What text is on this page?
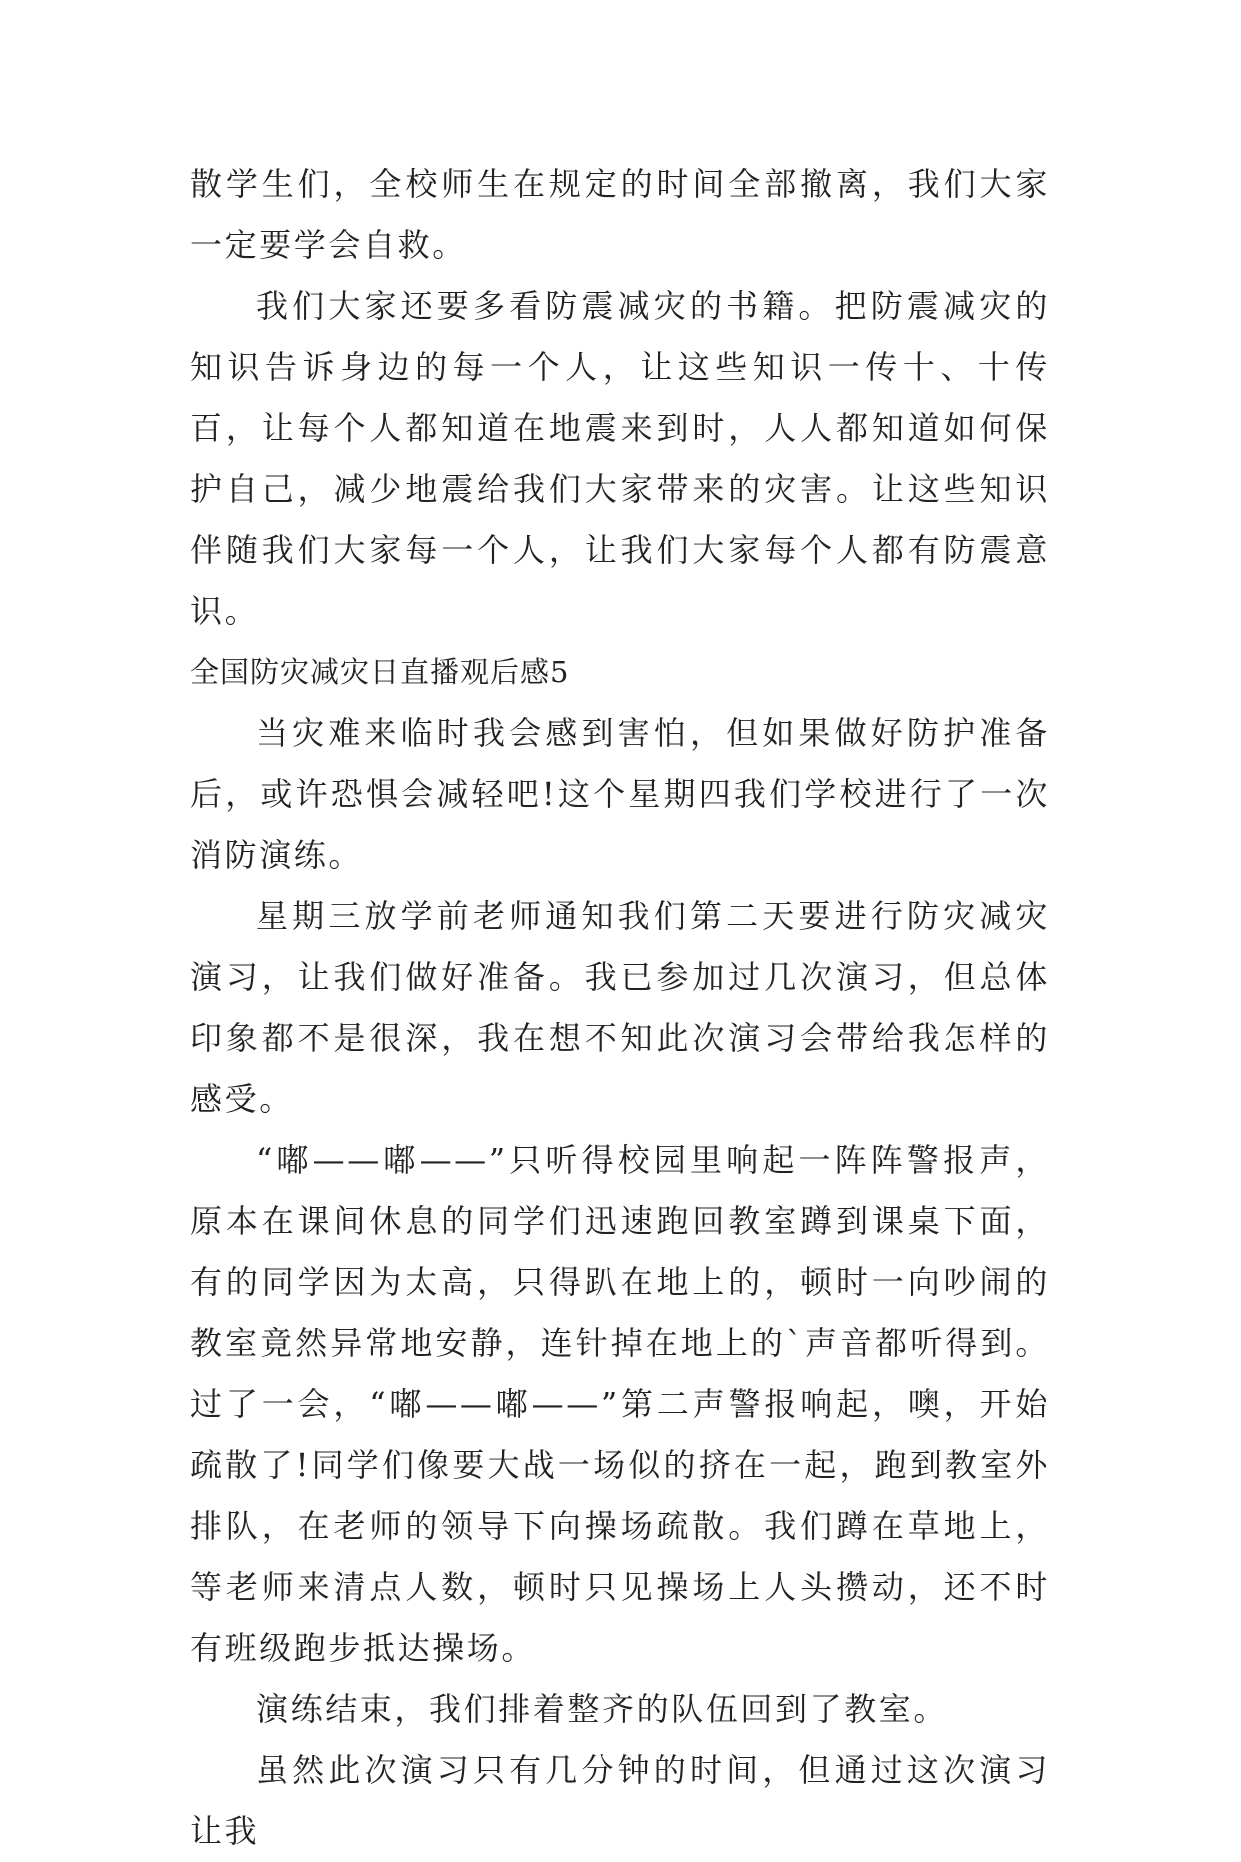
散学生们，全校师生在规定的时间全部撤离，我们大家一定要学会自救。

我们大家还要多看防震减灾的书籍。把防震减灾的知识告诉身边的每一个人，让这些知识一传十、十传百，让每个人都知道在地震来到时，人人都知道如何保护自己，减少地震给我们大家带来的灾害。让这些知识伴随我们大家每一个人，让我们大家每个人都有防震意识。

全国防灾减灾日直播观后感5

当灾难来临时我会感到害怕，但如果做好防护准备后，或许恐惧会减轻吧!这个星期四我们学校进行了一次消防演练。

星期三放学前老师通知我们第二天要进行防灾减灾演习，让我们做好准备。我已参加过几次演习，但总体印象都不是很深，我在想不知此次演习会带给我怎样的感受。

“嘟——嘟——”只听得校园里响起一阵阵警报声，原本在课间休息的同学们迅速跑回教室蹲到课桌下面，有的同学因为太高，只得趴在地上的，顿时一向吵闹的教室竟然异常地安静，连针掉在地上的`声音都听得到。过了一会，“嘟——嘟——”第二声警报响起，噢，开始疏散了!同学们像要大战一场似的挤在一起，跑到教室外排队，在老师的领导下向操场疏散。我们蹲在草地上，等老师来清点人数，顿时只见操场上人头攒动，还不时有班级跑步抵达操场。

演练结束，我们排着整齐的队伍回到了教室。

虽然此次演习只有几分钟的时间，但通过这次演习让我
